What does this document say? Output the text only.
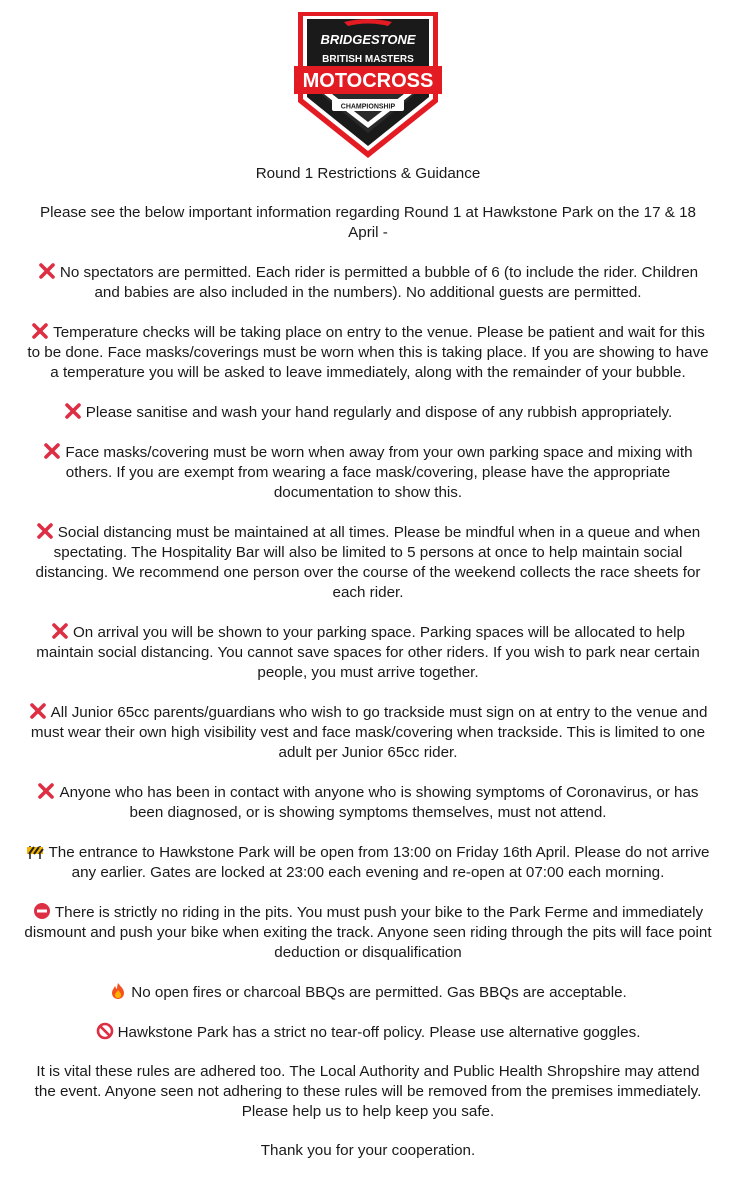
BRIDGESTONE
BRITISH MASTERS
MOTOCROSS
CHAMPIONSHIP

Round 1 Restrictions & Guidance

Please see the below important information regarding Round 1 at Hawkstone Park on the 17 & 18 April -

No spectators are permitted. Each rider is permitted a bubble of 6 (to include the rider. Children and babies are also included in the numbers). No additional guests are permitted.

Temperature checks will be taking place on entry to the venue. Please be patient and wait for this to be done. Face masks/coverings must be worn when this is taking place. If you are showing to have a temperature you will be asked to leave immediately, along with the remainder of your bubble.

Please sanitise and wash your hand regularly and dispose of any rubbish appropriately.

Face masks/covering must be worn when away from your own parking space and mixing with others. If you are exempt from wearing a face mask/covering, please have the appropriate documentation to show this.

Social distancing must be maintained at all times. Please be mindful when in a queue and when spectating. The Hospitality Bar will also be limited to 5 persons at once to help maintain social distancing. We recommend one person over the course of the weekend collects the race sheets for each rider.

On arrival you will be shown to your parking space. Parking spaces will be allocated to help maintain social distancing. You cannot save spaces for other riders. If you wish to park near certain people, you must arrive together.

All Junior 65cc parents/guardians who wish to go trackside must sign on at entry to the venue and must wear their own high visibility vest and face mask/covering when trackside. This is limited to one adult per Junior 65cc rider.

Anyone who has been in contact with anyone who is showing symptoms of Coronavirus, or has been diagnosed, or is showing symptoms themselves, must not attend.

The entrance to Hawkstone Park will be open from 13:00 on Friday 16th April. Please do not arrive any earlier. Gates are locked at 23:00 each evening and re-open at 07:00 each morning.

There is strictly no riding in the pits. You must push your bike to the Park Ferme and immediately dismount and push your bike when exiting the track. Anyone seen riding through the pits will face point deduction or disqualification

No open fires or charcoal BBQs are permitted. Gas BBQs are acceptable.

Hawkstone Park has a strict no tear-off policy. Please use alternative goggles.

It is vital these rules are adhered too. The Local Authority and Public Health Shropshire may attend the event. Anyone seen not adhering to these rules will be removed from the premises immediately. Please help us to help keep you safe.

Thank you for your cooperation.
